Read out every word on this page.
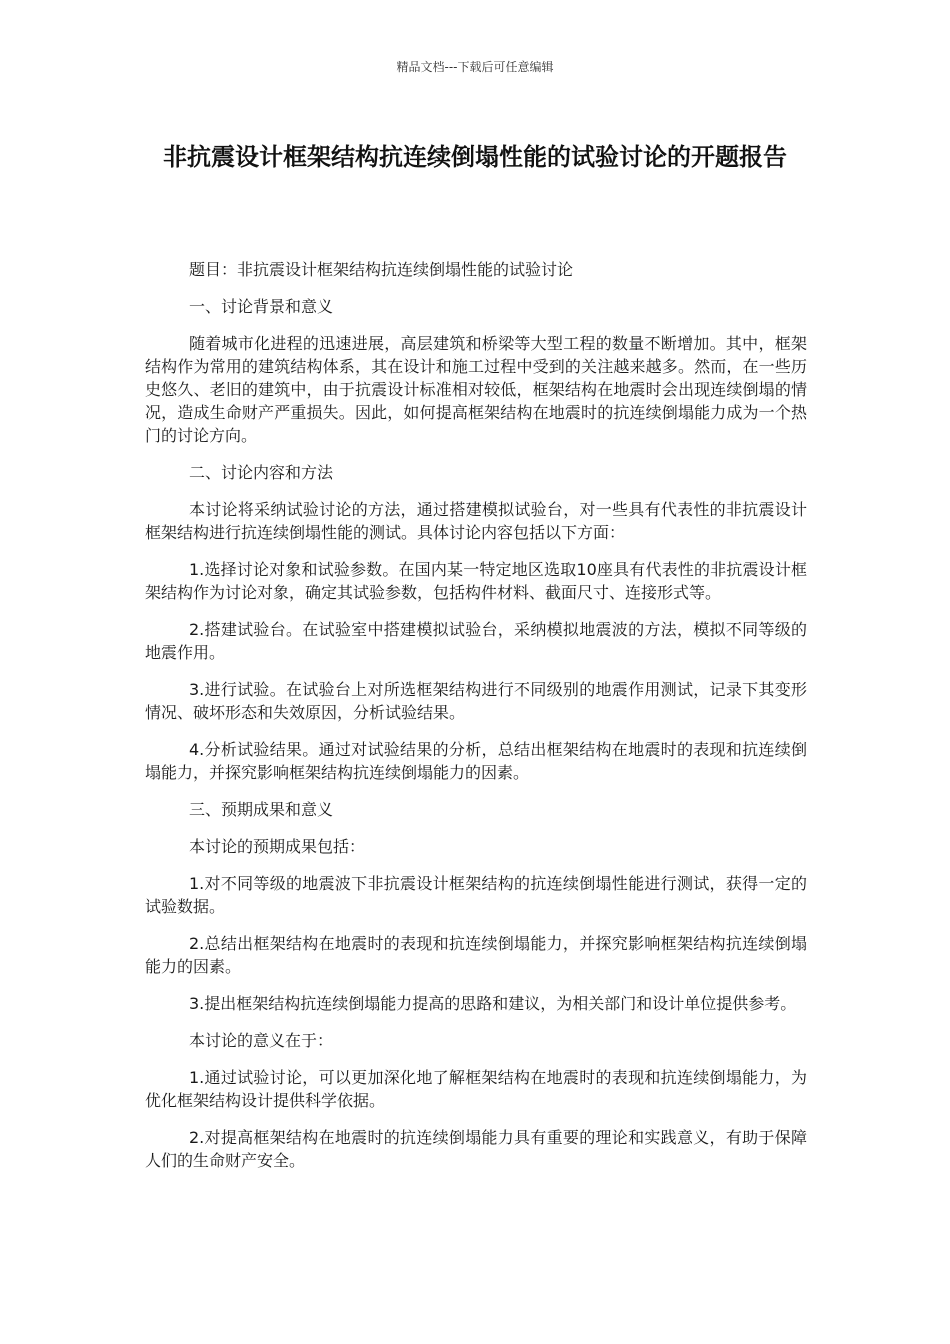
精品文档---下载后可任意编辑
非抗震设计框架结构抗连续倒塌性能的试验讨论的开题报告

题目：非抗震设计框架结构抗连续倒塌性能的试验讨论

一、讨论背景和意义

随着城市化进程的迅速进展，高层建筑和桥梁等大型工程的数量不断增加。其中，框架结构作为常用的建筑结构体系，其在设计和施工过程中受到的关注越来越多。然而，在一些历史悠久、老旧的建筑中，由于抗震设计标准相对较低，框架结构在地震时会出现连续倒塌的情况，造成生命财产严重损失。因此，如何提高框架结构在地震时的抗连续倒塌能力成为一个热门的讨论方向。

二、讨论内容和方法

本讨论将采纳试验讨论的方法，通过搭建模拟试验台，对一些具有代表性的非抗震设计框架结构进行抗连续倒塌性能的测试。具体讨论内容包括以下方面：

1.选择讨论对象和试验参数。在国内某一特定地区选取10座具有代表性的非抗震设计框架结构作为讨论对象，确定其试验参数，包括构件材料、截面尺寸、连接形式等。

2.搭建试验台。在试验室中搭建模拟试验台，采纳模拟地震波的方法，模拟不同等级的地震作用。

3.进行试验。在试验台上对所选框架结构进行不同级别的地震作用测试，记录下其变形情况、破坏形态和失效原因，分析试验结果。

4.分析试验结果。通过对试验结果的分析，总结出框架结构在地震时的表现和抗连续倒塌能力，并探究影响框架结构抗连续倒塌能力的因素。

三、预期成果和意义

本讨论的预期成果包括：

1.对不同等级的地震波下非抗震设计框架结构的抗连续倒塌性能进行测试，获得一定的试验数据。

2.总结出框架结构在地震时的表现和抗连续倒塌能力，并探究影响框架结构抗连续倒塌能力的因素。

3.提出框架结构抗连续倒塌能力提高的思路和建议，为相关部门和设计单位提供参考。

本讨论的意义在于：

1.通过试验讨论，可以更加深化地了解框架结构在地震时的表现和抗连续倒塌能力，为优化框架结构设计提供科学依据。

2.对提高框架结构在地震时的抗连续倒塌能力具有重要的理论和实践意义，有助于保障人们的生命财产安全。
